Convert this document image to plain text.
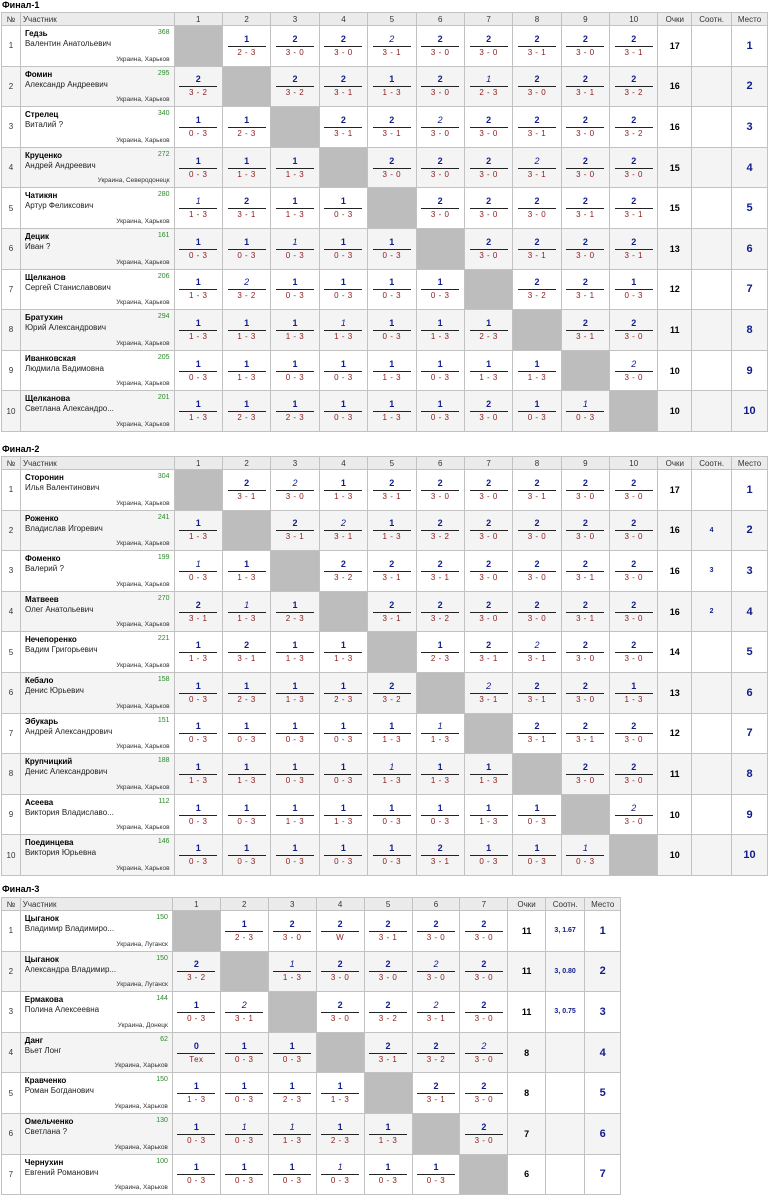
Финал-1
№	Участник	1	2	3	4	5	6	7	8	9	10	Очки	Соотн.	Место
1	Гедзь
Валентин Анатольевич
368
Украина, Харьков		$\frac{1}{2 - 3}$	$\frac{2}{3 - 0}$	$\frac{2}{3 - 0}$	$\frac{2}{3 - 1}$	$\frac{2}{3 - 0}$	$\frac{2}{3 - 0}$	$\frac{2}{3 - 1}$	$\frac{2}{3 - 0}$	$\frac{2}{3 - 1}$	17		1
2	Фомин
Александр Андреевич
295
Украина, Харьков	$\frac{2}{3 - 2}$		$\frac{2}{3 - 2}$	$\frac{2}{3 - 1}$	$\frac{1}{1 - 3}$	$\frac{2}{3 - 0}$	$\frac{1}{2 - 3}$	$\frac{2}{3 - 0}$	$\frac{2}{3 - 1}$	$\frac{2}{3 - 2}$	16		2
3	Стрелец
Виталий ?
340
Украина, Харьков	$\frac{1}{0 - 3}$	$\frac{1}{2 - 3}$		$\frac{2}{3 - 1}$	$\frac{2}{3 - 1}$	$\frac{2}{3 - 0}$	$\frac{2}{3 - 0}$	$\frac{2}{3 - 1}$	$\frac{2}{3 - 0}$	$\frac{2}{3 - 2}$	16		3
4	Круценко
Андрей Андреевич
272
Украина, Северодонецк	$\frac{1}{0 - 3}$	$\frac{1}{1 - 3}$	$\frac{1}{1 - 3}$		$\frac{2}{3 - 0}$	$\frac{2}{3 - 0}$	$\frac{2}{3 - 0}$	$\frac{2}{3 - 1}$	$\frac{2}{3 - 0}$	$\frac{2}{3 - 0}$	15		4
5	Чатикян
Артур Феликсович
280
Украина, Харьков	$\frac{1}{1 - 3}$	$\frac{2}{3 - 1}$	$\frac{1}{1 - 3}$	$\frac{1}{0 - 3}$		$\frac{2}{3 - 0}$	$\frac{2}{3 - 0}$	$\frac{2}{3 - 0}$	$\frac{2}{3 - 1}$	$\frac{2}{3 - 1}$	15		5
6	Децик
Иван ?
161
Украина, Харьков	$\frac{1}{0 - 3}$	$\frac{1}{0 - 3}$	$\frac{1}{0 - 3}$	$\frac{1}{0 - 3}$	$\frac{1}{0 - 3}$		$\frac{2}{3 - 0}$	$\frac{2}{3 - 1}$	$\frac{2}{3 - 0}$	$\frac{2}{3 - 1}$	13		6
7	Щелканов
Сергей Станиславович
206
Украина, Харьков	$\frac{1}{1 - 3}$	$\frac{2}{3 - 2}$	$\frac{1}{0 - 3}$	$\frac{1}{0 - 3}$	$\frac{1}{0 - 3}$	$\frac{1}{0 - 3}$		$\frac{2}{3 - 2}$	$\frac{2}{3 - 1}$	$\frac{1}{0 - 3}$	12		7
8	Братухин
Юрий Александрович
294
Украина, Харьков	$\frac{1}{1 - 3}$	$\frac{1}{1 - 3}$	$\frac{1}{1 - 3}$	$\frac{1}{1 - 3}$	$\frac{1}{0 - 3}$	$\frac{1}{1 - 3}$	$\frac{1}{2 - 3}$		$\frac{2}{3 - 1}$	$\frac{2}{3 - 0}$	11		8
9	Иванковская
Людмила Вадимовна
205
Украина, Харьков	$\frac{1}{0 - 3}$	$\frac{1}{1 - 3}$	$\frac{1}{0 - 3}$	$\frac{1}{0 - 3}$	$\frac{1}{1 - 3}$	$\frac{1}{0 - 3}$	$\frac{1}{1 - 3}$	$\frac{1}{1 - 3}$		$\frac{2}{3 - 0}$	10		9
10	Щелканова
Светлана Александро...
201
Украина, Харьков	$\frac{1}{1 - 3}$	$\frac{1}{2 - 3}$	$\frac{1}{2 - 3}$	$\frac{1}{0 - 3}$	$\frac{1}{1 - 3}$	$\frac{1}{0 - 3}$	$\frac{2}{3 - 0}$	$\frac{1}{0 - 3}$	$\frac{1}{0 - 3}$		10		10
Финал-2
№	Участник	1	2	3	4	5	6	7	8	9	10	Очки	Соотн.	Место
1	Сторонин
Илья Валентинович
304
Украина, Харьков		$\frac{2}{3 - 1}$	$\frac{2}{3 - 0}$	$\frac{1}{1 - 3}$	$\frac{2}{3 - 1}$	$\frac{2}{3 - 0}$	$\frac{2}{3 - 0}$	$\frac{2}{3 - 1}$	$\frac{2}{3 - 0}$	$\frac{2}{3 - 0}$	17		1
2	Роженко
Владислав Игоревич
241
Украина, Харьков	$\frac{1}{1 - 3}$		$\frac{2}{3 - 1}$	$\frac{2}{3 - 1}$	$\frac{1}{1 - 3}$	$\frac{2}{3 - 2}$	$\frac{2}{3 - 0}$	$\frac{2}{3 - 0}$	$\frac{2}{3 - 0}$	$\frac{2}{3 - 0}$	16	4	2
3	Фоменко
Валерий ?
199
Украина, Харьков	$\frac{1}{0 - 3}$	$\frac{1}{1 - 3}$		$\frac{2}{3 - 2}$	$\frac{2}{3 - 1}$	$\frac{2}{3 - 1}$	$\frac{2}{3 - 0}$	$\frac{2}{3 - 0}$	$\frac{2}{3 - 1}$	$\frac{2}{3 - 0}$	16	3	3
4	Матвеев
Олег Анатольевич
270
Украина, Харьков	$\frac{2}{3 - 1}$	$\frac{1}{1 - 3}$	$\frac{1}{2 - 3}$		$\frac{2}{3 - 1}$	$\frac{2}{3 - 2}$	$\frac{2}{3 - 0}$	$\frac{2}{3 - 0}$	$\frac{2}{3 - 1}$	$\frac{2}{3 - 0}$	16	2	4
5	Нечепоренко
Вадим Григорьевич
221
Украина, Харьков	$\frac{1}{1 - 3}$	$\frac{2}{3 - 1}$	$\frac{1}{1 - 3}$	$\frac{1}{1 - 3}$		$\frac{1}{2 - 3}$	$\frac{2}{3 - 1}$	$\frac{2}{3 - 1}$	$\frac{2}{3 - 0}$	$\frac{2}{3 - 0}$	14		5
6	Кебало
Денис Юрьевич
158
Украина, Харьков	$\frac{1}{0 - 3}$	$\frac{1}{2 - 3}$	$\frac{1}{1 - 3}$	$\frac{1}{2 - 3}$	$\frac{2}{3 - 2}$		$\frac{2}{3 - 1}$	$\frac{2}{3 - 1}$	$\frac{2}{3 - 0}$	$\frac{1}{1 - 3}$	13		6
7	Эбукарь
Андрей Александрович
151
Украина, Харьков	$\frac{1}{0 - 3}$	$\frac{1}{0 - 3}$	$\frac{1}{0 - 3}$	$\frac{1}{0 - 3}$	$\frac{1}{1 - 3}$	$\frac{1}{1 - 3}$		$\frac{2}{3 - 1}$	$\frac{2}{3 - 1}$	$\frac{2}{3 - 0}$	12		7
8	Крупчицкий
Денис Александрович
188
Украина, Харьков	$\frac{1}{1 - 3}$	$\frac{1}{1 - 3}$	$\frac{1}{0 - 3}$	$\frac{1}{0 - 3}$	$\frac{1}{1 - 3}$	$\frac{1}{1 - 3}$	$\frac{1}{1 - 3}$		$\frac{2}{3 - 0}$	$\frac{2}{3 - 0}$	11		8
9	Асеева
Виктория Владиславо...
112
Украина, Харьков	$\frac{1}{0 - 3}$	$\frac{1}{0 - 3}$	$\frac{1}{1 - 3}$	$\frac{1}{1 - 3}$	$\frac{1}{0 - 3}$	$\frac{1}{0 - 3}$	$\frac{1}{1 - 3}$	$\frac{1}{0 - 3}$		$\frac{2}{3 - 0}$	10		9
10	Поединцева
Виктория Юрьевна
146
Украина, Харьков	$\frac{1}{0 - 3}$	$\frac{1}{0 - 3}$	$\frac{1}{0 - 3}$	$\frac{1}{0 - 3}$	$\frac{1}{0 - 3}$	$\frac{2}{3 - 1}$	$\frac{1}{0 - 3}$	$\frac{1}{0 - 3}$	$\frac{1}{0 - 3}$		10		10
Финал-3
№	Участник	1	2	3	4	5	6	7	Очки	Соотн.	Место
1	Цыганок
Владимир Владимиро...
150
Украина, Луганск		$\frac{1}{2 - 3}$	$\frac{2}{3 - 0}$	$\frac{2}{W}$	$\frac{2}{3 - 1}$	$\frac{2}{3 - 0}$	$\frac{2}{3 - 0}$	11	3, 1.67	1
2	Цыганок
Александра Владимир...
150
Украина, Луганск	$\frac{2}{3 - 2}$		$\frac{1}{1 - 3}$	$\frac{2}{3 - 0}$	$\frac{2}{3 - 0}$	$\frac{2}{3 - 0}$	$\frac{2}{3 - 0}$	11	3, 0.80	2
3	Ермакова
Полина Алексеевна
144
Украина, Донецк	$\frac{1}{0 - 3}$	$\frac{2}{3 - 1}$		$\frac{2}{3 - 0}$	$\frac{2}{3 - 2}$	$\frac{2}{3 - 1}$	$\frac{2}{3 - 0}$	11	3, 0.75	3
4	Данг
Вьет Лонг
62
Украина, Харьков	0
Тех	$\frac{1}{0 - 3}$	$\frac{1}{0 - 3}$		$\frac{2}{3 - 1}$	$\frac{2}{3 - 2}$	$\frac{2}{3 - 0}$	8		4
5	Кравченко
Роман Богданович
150
Украина, Харьков	$\frac{1}{1 - 3}$	$\frac{1}{0 - 3}$	$\frac{1}{2 - 3}$	$\frac{1}{1 - 3}$		$\frac{2}{3 - 1}$	$\frac{2}{3 - 0}$	8		5
6	Омельченко
Светлана ?
130
Украина, Харьков	$\frac{1}{0 - 3}$	$\frac{1}{0 - 3}$	$\frac{1}{1 - 3}$	$\frac{1}{2 - 3}$	$\frac{1}{1 - 3}$		$\frac{2}{3 - 0}$	7		6
7	Чернухин
Евгений Романович
100
Украина, Харьков	$\frac{1}{0 - 3}$	$\frac{1}{0 - 3}$	$\frac{1}{0 - 3}$	$\frac{1}{0 - 3}$	$\frac{1}{0 - 3}$	$\frac{1}{0 - 3}$		6		7
